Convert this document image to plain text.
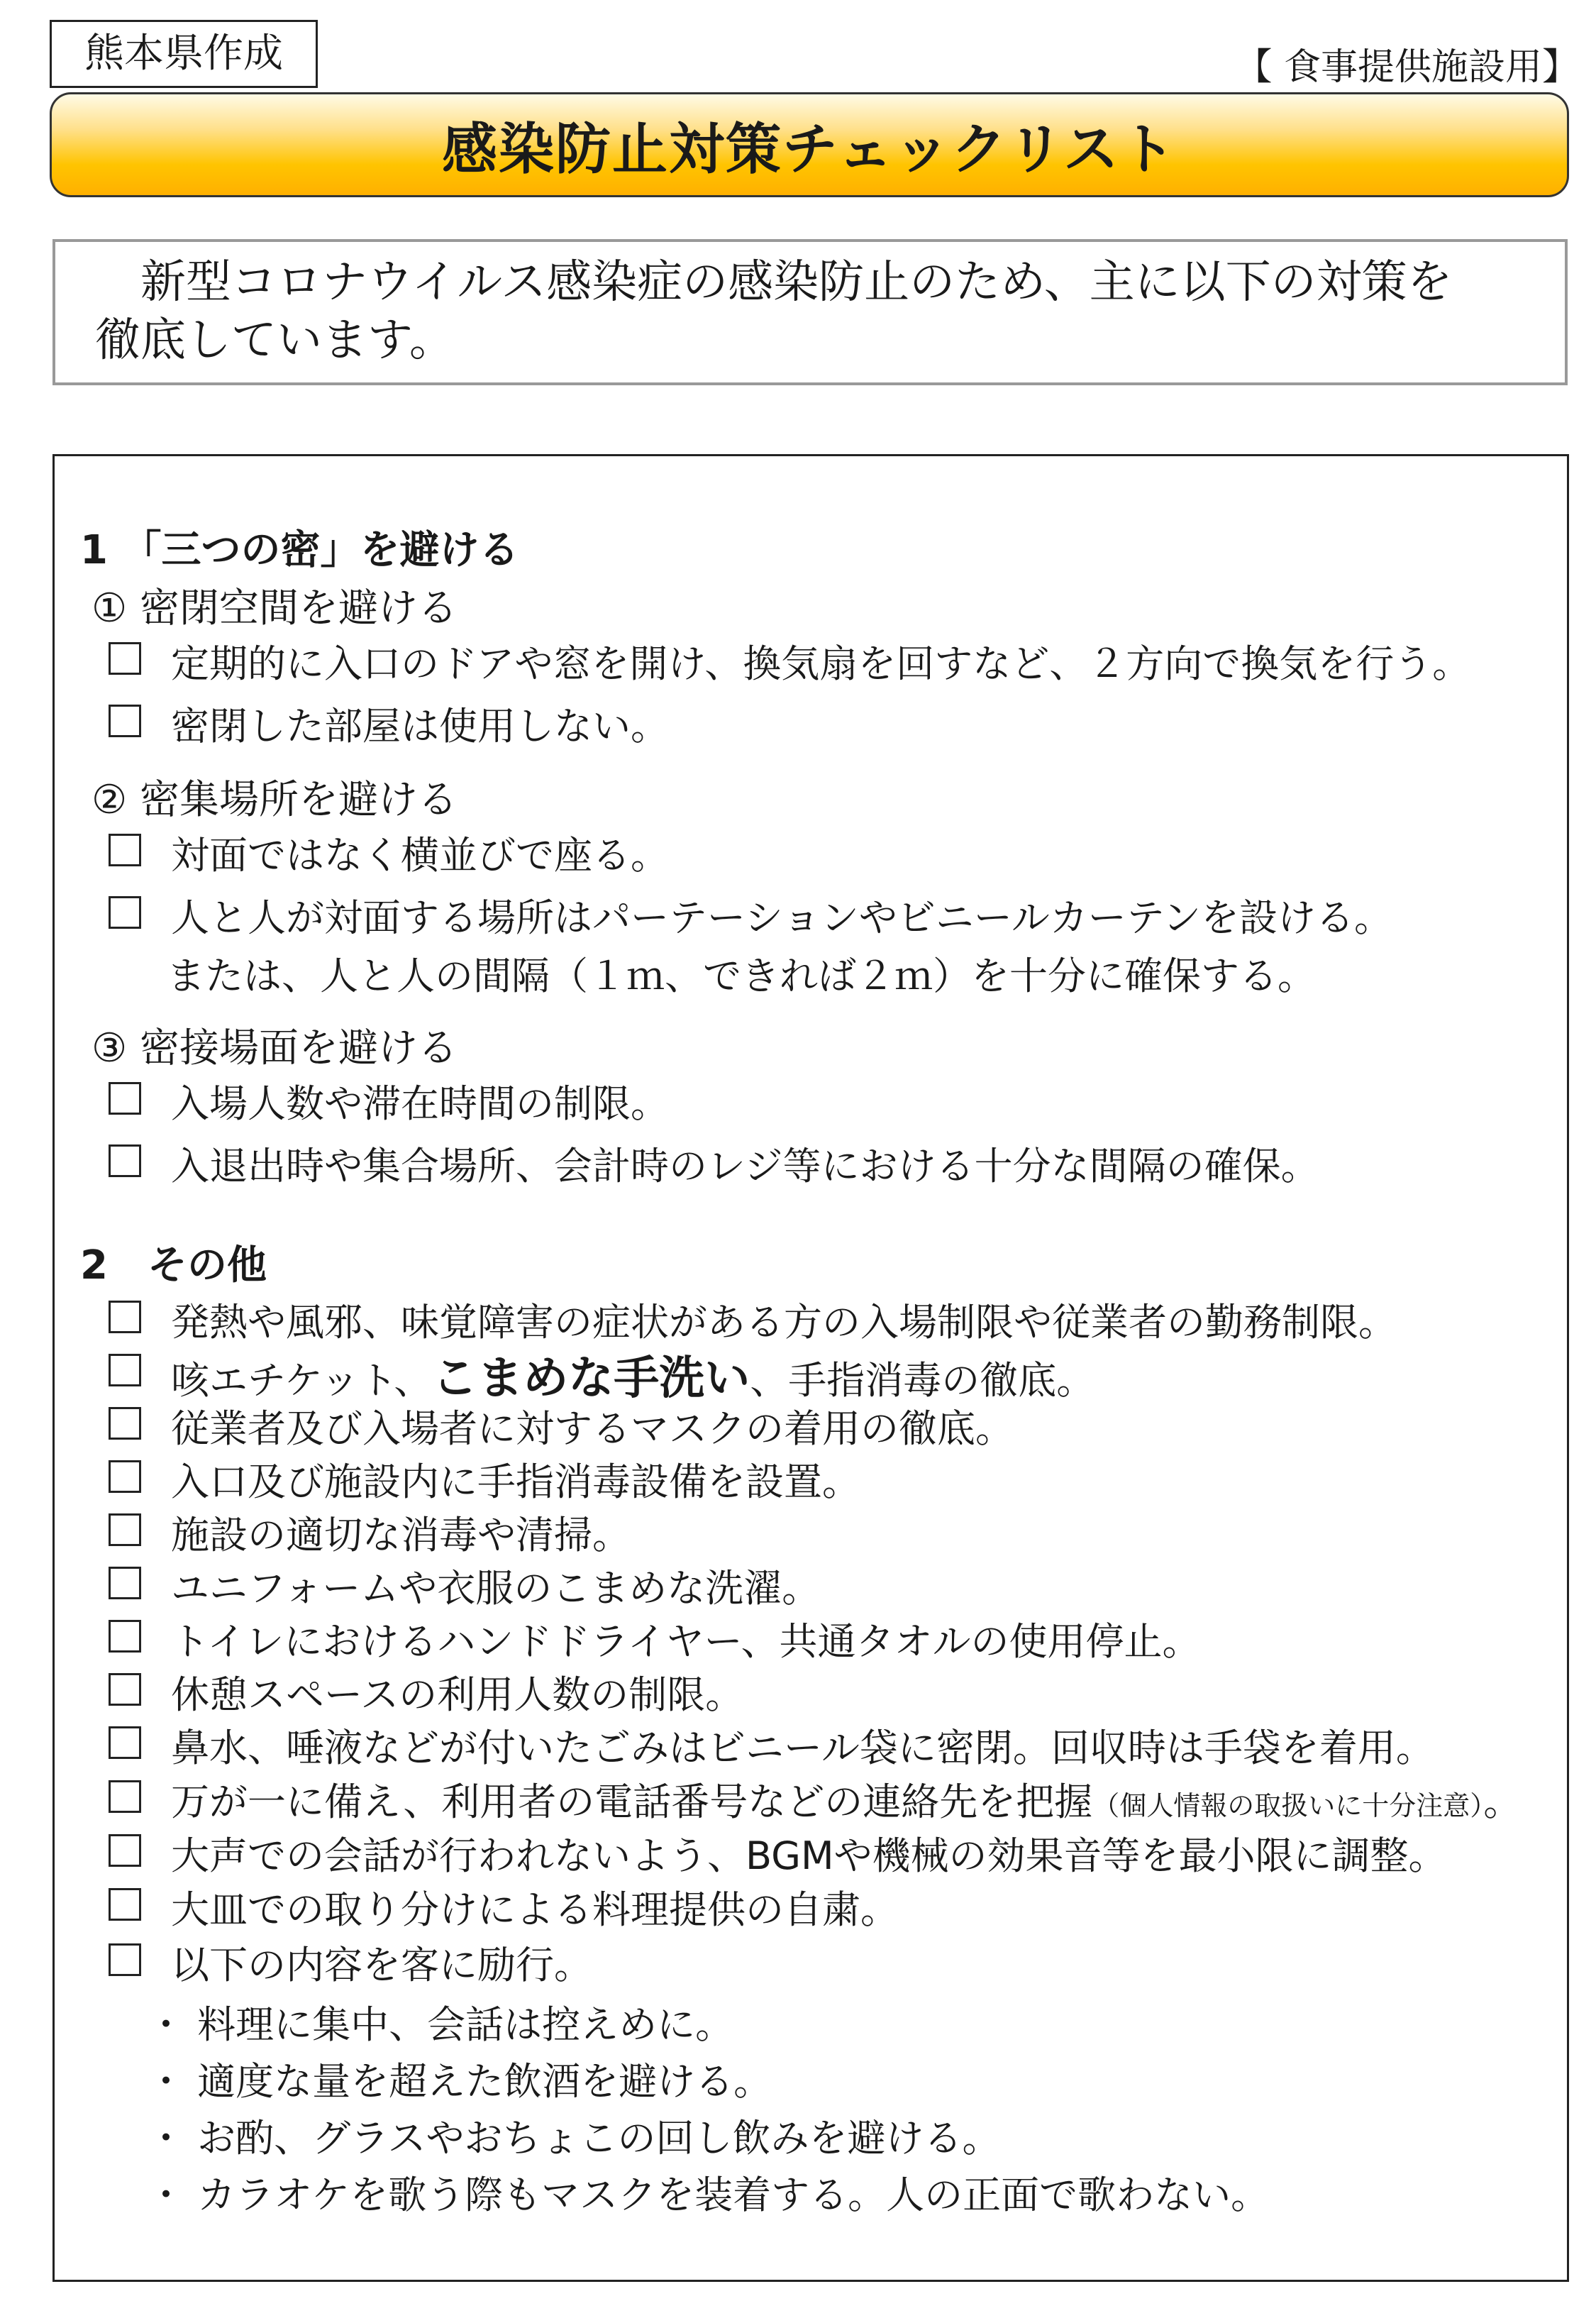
熊本県作成	【 食事提供施設用】
感染防止対策チェックリスト
新型コロナウイルス感染症の感染防止のため、主に以下の対策を
徹底しています。
1 「三つの密」を避ける
① 密閉空間を避ける
定期的に入口のドアや窓を開け、換気扇を回すなど、２方向で換気を行う。
密閉した部屋は使用しない。
② 密集場所を避ける
対面ではなく横並びで座る。
人と人が対面する場所はパーテーションやビニールカーテンを設ける。
または、人と人の間隔（１ｍ、できれば２ｍ）を十分に確保する。
③ 密接場面を避ける
入場人数や滞在時間の制限。
入退出時や集合場所、会計時のレジ等における十分な間隔の確保。
2　その他
発熱や風邪、味覚障害の症状がある方の入場制限や従業者の勤務制限。
咳エチケット、こまめな手洗い、手指消毒の徹底。
従業者及び入場者に対するマスクの着用の徹底。
入口及び施設内に手指消毒設備を設置。
施設の適切な消毒や清掃。
ユニフォームや衣服のこまめな洗濯。
トイレにおけるハンドドライヤー、共通タオルの使用停止。
休憩スペースの利用人数の制限。
鼻水、唾液などが付いたごみはビニール袋に密閉。回収時は手袋を着用。
万が一に備え、利用者の電話番号などの連絡先を把握（個人情報の取扱いに十分注意）。
大声での会話が行われないよう、BGMや機械の効果音等を最小限に調整。
大皿での取り分けによる料理提供の自粛。
以下の内容を客に励行。
・ 料理に集中、会話は控えめに。
・ 適度な量を超えた飲酒を避ける。
・ お酌、グラスやおちょこの回し飲みを避ける。
・ カラオケを歌う際もマスクを装着する。人の正面で歌わない。
